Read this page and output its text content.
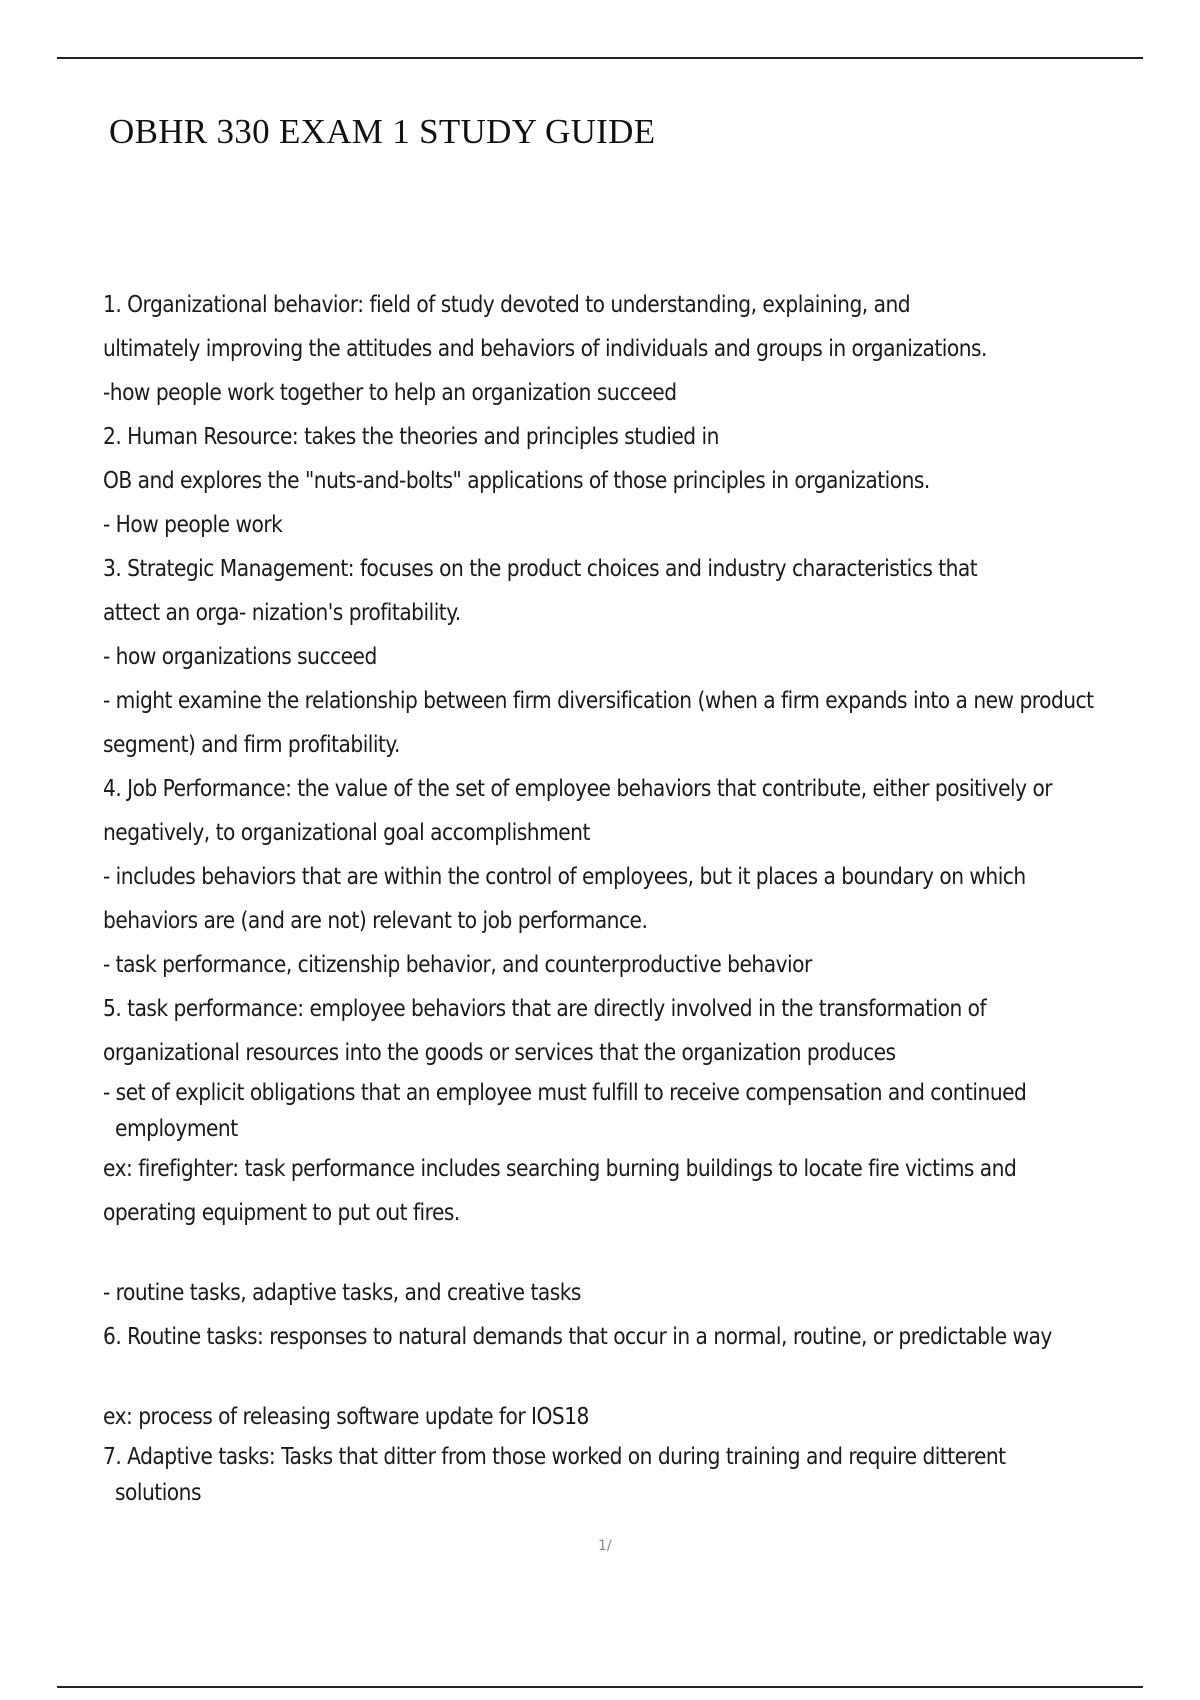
OBHR 330 EXAM 1 STUDY GUIDE

1. Organizational behavior: field of study devoted to understanding, explaining, and

ultimately improving the attitudes and behaviors of individuals and groups in organizations.

-how people work together to help an organization succeed

2. Human Resource: takes the theories and principles studied in

OB and explores the "nuts-and-bolts" applications of those principles in organizations.

- How people work

3. Strategic Management: focuses on the product choices and industry characteristics that

attect an orga- nization's profitability.

- how organizations succeed

- might examine the relationship between firm diversification (when a firm expands into a new product

segment) and firm profitability.

4. Job Performance: the value of the set of employee behaviors that contribute, either positively or

negatively, to organizational goal accomplishment

- includes behaviors that are within the control of employees, but it places a boundary on which

behaviors are (and are not) relevant to job performance.

- task performance, citizenship behavior, and counterproductive behavior

5. task performance: employee behaviors that are directly involved in the transformation of

organizational resources into the goods or services that the organization produces

- set of explicit obligations that an employee must fulfill to receive compensation and continued

employment

ex: firefighter: task performance includes searching burning buildings to locate fire victims and

operating equipment to put out fires.

- routine tasks, adaptive tasks, and creative tasks

6. Routine tasks: responses to natural demands that occur in a normal, routine, or predictable way

ex: process of releasing software update for IOS18

7. Adaptive tasks: Tasks that ditter from those worked on during training and require ditterent

solutions

1/
